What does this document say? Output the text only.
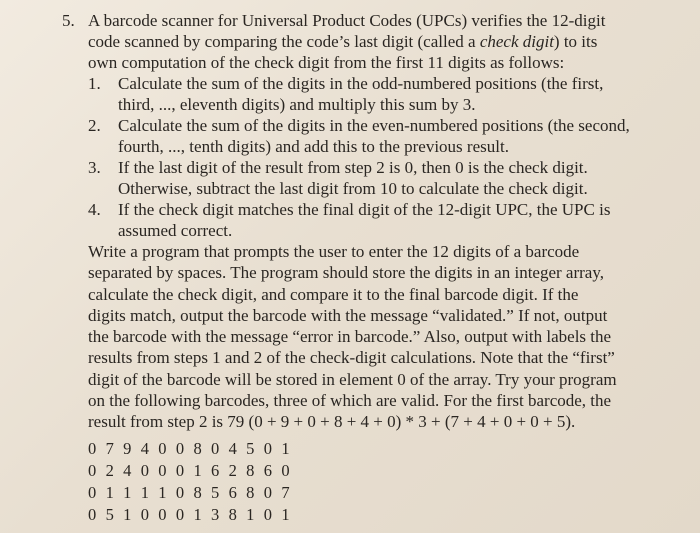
5. A barcode scanner for Universal Product Codes (UPCs) verifies the 12-digit
code scanned by comparing the code’s last digit (called a check digit) to its
own computation of the check digit from the first 11 digits as follows:
1. Calculate the sum of the digits in the odd-numbered positions (the first,
third, ..., eleventh digits) and multiply this sum by 3.
2. Calculate the sum of the digits in the even-numbered positions (the second,
fourth, ..., tenth digits) and add this to the previous result.
3. If the last digit of the result from step 2 is 0, then 0 is the check digit.
Otherwise, subtract the last digit from 10 to calculate the check digit.
4. If the check digit matches the final digit of the 12-digit UPC, the UPC is
assumed correct.
Write a program that prompts the user to enter the 12 digits of a barcode
separated by spaces. The program should store the digits in an integer array,
calculate the check digit, and compare it to the final barcode digit. If the
digits match, output the barcode with the message “validated.” If not, output
the barcode with the message “error in barcode.” Also, output with labels the
results from steps 1 and 2 of the check-digit calculations. Note that the “first”
digit of the barcode will be stored in element 0 of the array. Try your program
on the following barcodes, three of which are valid. For the first barcode, the
result from step 2 is 79 (0 + 9 + 0 + 8 + 4 + 0) * 3 + (7 + 4 + 0 + 0 + 5).
0 7 9 4 0 0 8 0 4 5 0 1
0 2 4 0 0 0 1 6 2 8 6 0
0 1 1 1 1 0 8 5 6 8 0 7
0 5 1 0 0 0 1 3 8 1 0 1
